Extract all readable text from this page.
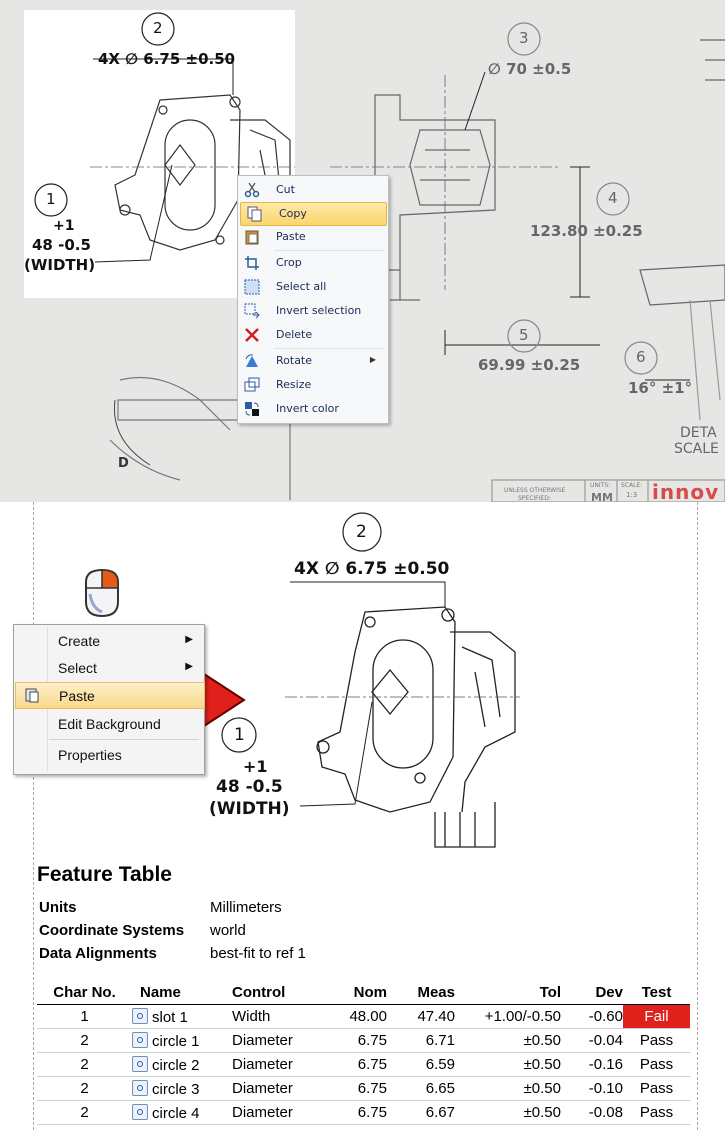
2
4X ∅ 6.75 ±0.50
1
+1
48 -0.5
(WIDTH)
3
∅ 70 ±0.5
4
123.80 ±0.25
5
69.99 ±0.25	6
16° ±1°
DETA
SCALE
D
UNLESS OTHERWISE
SPECIFIED:
UNITS:
MM
SCALE:
1:3 innov
Cut
Copy
Paste
Crop
Select all
Invert selection
Delete
Rotate	▶
Resize
Invert color
2
4X ∅ 6.75 ±0.50
1
+1
48 -0.5
(WIDTH)
Create	▶
Select	▶
Paste
Edit Background
Properties
Feature Table
Units	Millimeters
Coordinate Systems world
Data Alignments	best-fit to ref 1
Char No.	Name	Control	Nom	Meas	Tol	Dev	Test
1	slot 1	Width	48.00	47.40	+1.00/-0.50	-0.60	Fail
2	circle 1	Diameter	6.75	6.71	±0.50	-0.04	Pass
2	circle 2	Diameter	6.75	6.59	±0.50	-0.16	Pass
2	circle 3	Diameter	6.75	6.65	±0.50	-0.10	Pass
2	circle 4	Diameter	6.75	6.67	±0.50	-0.08	Pass
